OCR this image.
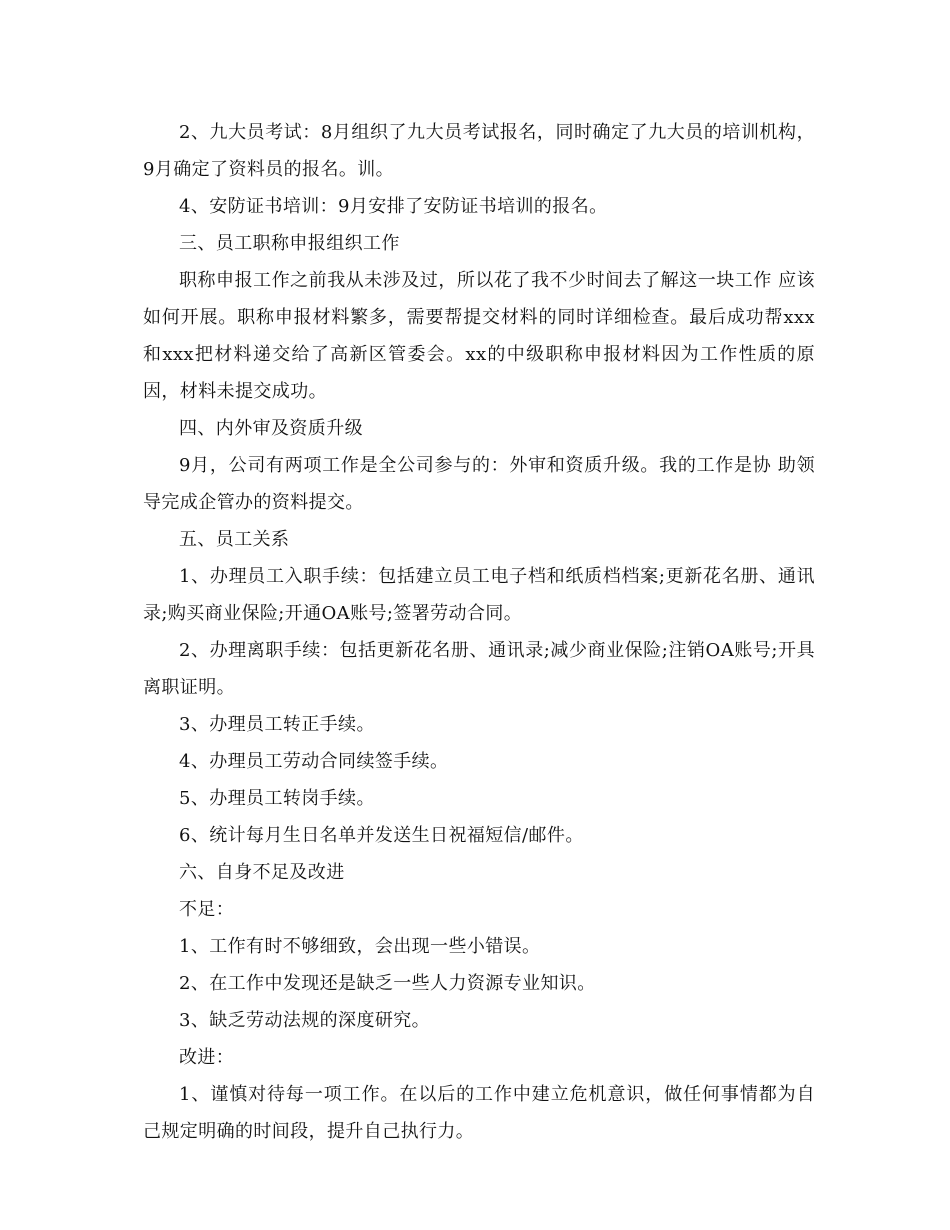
2、九大员考试：8月组织了九大员考试报名，同时确定了九大员的培训机构，9月确定了资料员的报名。训。

4、安防证书培训：9月安排了安防证书培训的报名。

三、员工职称申报组织工作

职称申报工作之前我从未涉及过，所以花了我不少时间去了解这一块工作 应该如何开展。职称申报材料繁多，需要帮提交材料的同时详细检查。最后成功帮xxx和xxx把材料递交给了高新区管委会。xx的中级职称申报材料因为工作性质的原因，材料未提交成功。

四、内外审及资质升级

9月，公司有两项工作是全公司参与的：外审和资质升级。我的工作是协 助领导完成企管办的资料提交。

五、员工关系

1、办理员工入职手续：包括建立员工电子档和纸质档档案;更新花名册、通讯录;购买商业保险;开通OA账号;签署劳动合同。

2、办理离职手续：包括更新花名册、通讯录;减少商业保险;注销OA账号;开具离职证明。

3、办理员工转正手续。

4、办理员工劳动合同续签手续。

5、办理员工转岗手续。

6、统计每月生日名单并发送生日祝福短信/邮件。

六、自身不足及改进

不足：

1、工作有时不够细致，会出现一些小错误。

2、在工作中发现还是缺乏一些人力资源专业知识。

3、缺乏劳动法规的深度研究。

改进：

1、谨慎对待每一项工作。在以后的工作中建立危机意识，做任何事情都为自己规定明确的时间段，提升自己执行力。
